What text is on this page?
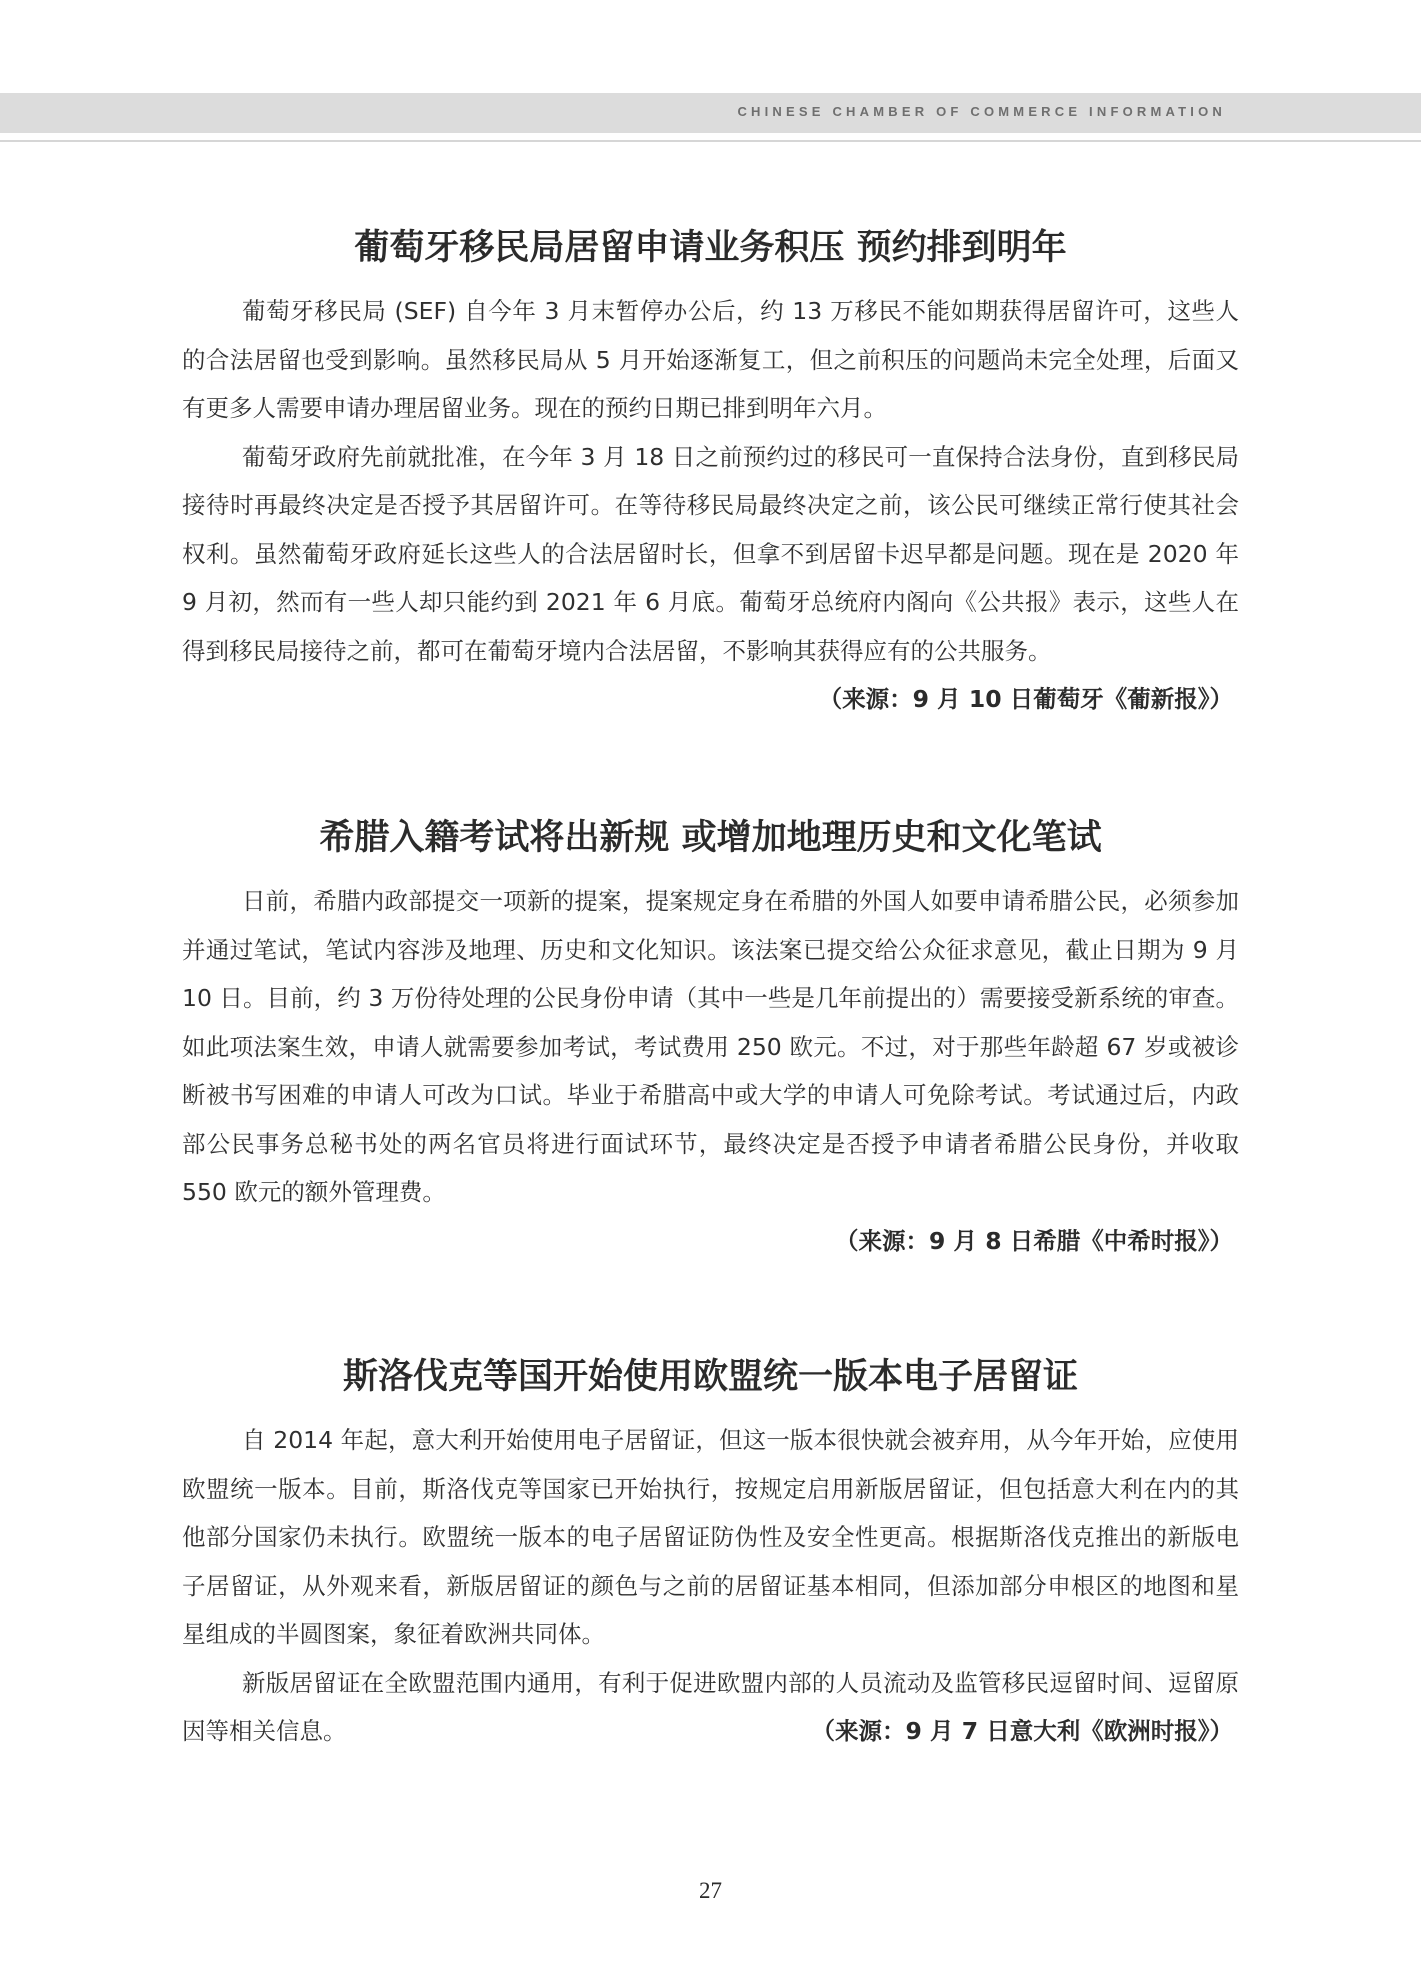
CHINESE CHAMBER OF COMMERCE INFORMATION
葡萄牙移民局居留申请业务积压 预约排到明年

葡萄牙移民局 (SEF) 自今年 3 月末暂停办公后，约 13 万移民不能如期获得居留许可，这些人的合法居留也受到影响。虽然移民局从 5 月开始逐渐复工，但之前积压的问题尚未完全处理，后面又有更多人需要申请办理居留业务。现在的预约日期已排到明年六月。

葡萄牙政府先前就批准，在今年 3 月 18 日之前预约过的移民可一直保持合法身份，直到移民局接待时再最终决定是否授予其居留许可。在等待移民局最终决定之前，该公民可继续正常行使其社会权利。虽然葡萄牙政府延长这些人的合法居留时长，但拿不到居留卡迟早都是问题。现在是 2020 年 9 月初，然而有一些人却只能约到 2021 年 6 月底。葡萄牙总统府内阁向《公共报》表示，这些人在得到移民局接待之前，都可在葡萄牙境内合法居留，不影响其获得应有的公共服务。
（来源：9 月 10 日葡萄牙《葡新报》）

希腊入籍考试将出新规 或增加地理历史和文化笔试

日前，希腊内政部提交一项新的提案，提案规定身在希腊的外国人如要申请希腊公民，必须参加并通过笔试，笔试内容涉及地理、历史和文化知识。该法案已提交给公众征求意见，截止日期为 9 月 10 日。目前，约 3 万份待处理的公民身份申请（其中一些是几年前提出的）需要接受新系统的审查。如此项法案生效，申请人就需要参加考试，考试费用 250 欧元。不过，对于那些年龄超 67 岁或被诊断被书写困难的申请人可改为口试。毕业于希腊高中或大学的申请人可免除考试。考试通过后，内政部公民事务总秘书处的两名官员将进行面试环节，最终决定是否授予申请者希腊公民身份，并收取 550 欧元的额外管理费。

（来源：9 月 8 日希腊《中希时报》）

斯洛伐克等国开始使用欧盟统一版本电子居留证

自 2014 年起，意大利开始使用电子居留证，但这一版本很快就会被弃用，从今年开始，应使用欧盟统一版本。目前，斯洛伐克等国家已开始执行，按规定启用新版居留证，但包括意大利在内的其他部分国家仍未执行。欧盟统一版本的电子居留证防伪性及安全性更高。根据斯洛伐克推出的新版电子居留证，从外观来看，新版居留证的颜色与之前的居留证基本相同，但添加部分申根区的地图和星星组成的半圆图案，象征着欧洲共同体。

新版居留证在全欧盟范围内通用，有利于促进欧盟内部的人员流动及监管移民逗留时间、逗留原因等相关信息。	（来源：9 月 7 日意大利《欧洲时报》）

27
